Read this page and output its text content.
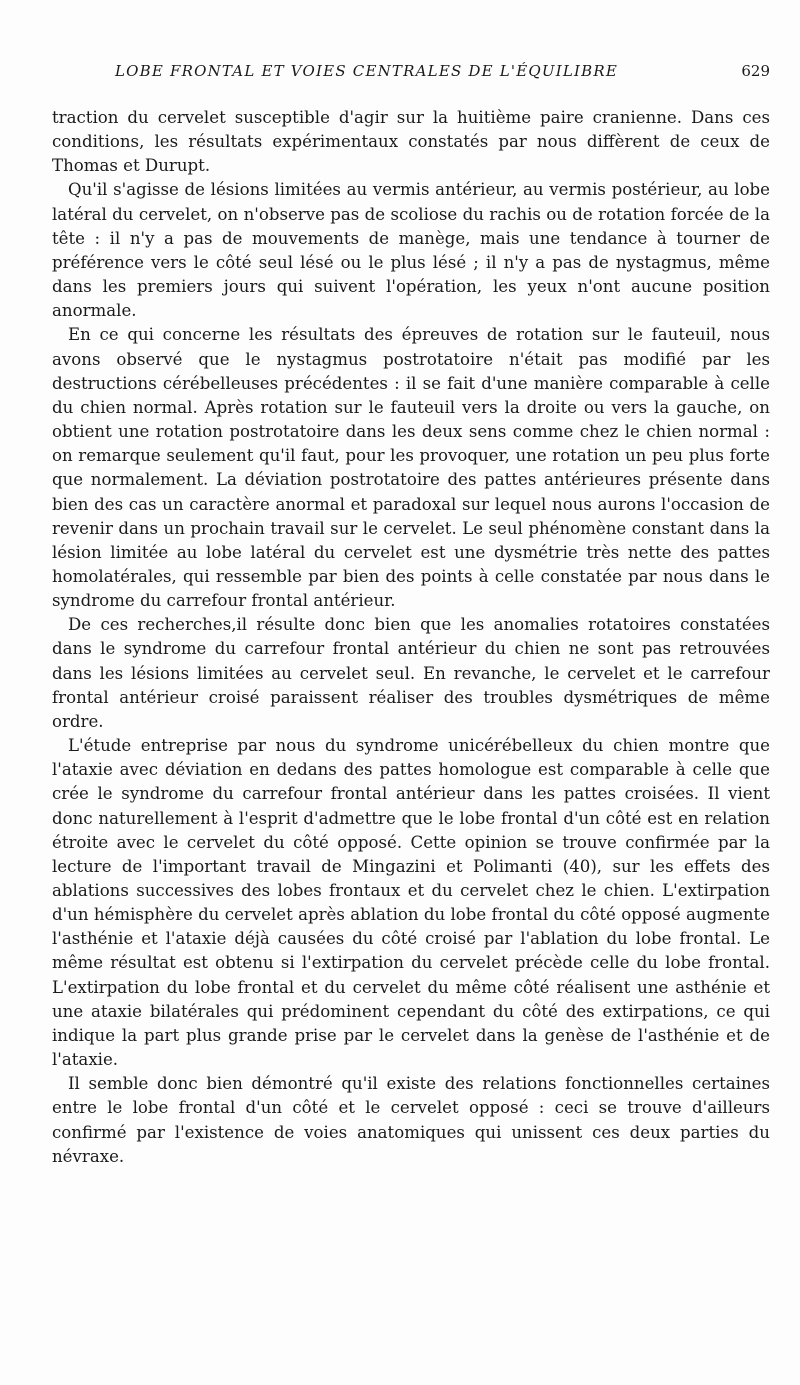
LOBE FRONTAL ET VOIES CENTRALES DE L'ÉQUILIBRE	629

traction du cervelet susceptible d'agir sur la huitième paire cranienne. Dans ces conditions, les résultats expérimentaux constatés par nous diffèrent de ceux de Thomas et Durupt.

Qu'il s'agisse de lésions limitées au vermis antérieur, au vermis postérieur, au lobe latéral du cervelet, on n'observe pas de scoliose du rachis ou de rotation forcée de la tête : il n'y a pas de mouvements de manège, mais une tendance à tourner de préférence vers le côté seul lésé ou le plus lésé ; il n'y a pas de nystagmus, même dans les premiers jours qui suivent l'opération, les yeux n'ont aucune position anormale.

En ce qui concerne les résultats des épreuves de rotation sur le fauteuil, nous avons observé que le nystagmus postrotatoire n'était pas modifié par les destructions cérébelleuses précédentes : il se fait d'une manière comparable à celle du chien normal. Après rotation sur le fauteuil vers la droite ou vers la gauche, on obtient une rotation postrotatoire dans les deux sens comme chez le chien normal : on remarque seulement qu'il faut, pour les provoquer, une rotation un peu plus forte que normalement. La déviation postrotatoire des pattes antérieures présente dans bien des cas un caractère anormal et paradoxal sur lequel nous aurons l'occasion de revenir dans un prochain travail sur le cervelet. Le seul phénomène constant dans la lésion limitée au lobe latéral du cervelet est une dysmétrie très nette des pattes homolatérales, qui ressemble par bien des points à celle constatée par nous dans le syndrome du carrefour frontal antérieur.

De ces recherches,il résulte donc bien que les anomalies rotatoires constatées dans le syndrome du carrefour frontal antérieur du chien ne sont pas retrouvées dans les lésions limitées au cervelet seul. En revanche, le cervelet et le carrefour frontal antérieur croisé paraissent réaliser des troubles dysmétriques de même ordre.

L'étude entreprise par nous du syndrome unicérébelleux du chien montre que l'ataxie avec déviation en dedans des pattes homologue est comparable à celle que crée le syndrome du carrefour frontal antérieur dans les pattes croisées. Il vient donc naturellement à l'esprit d'admettre que le lobe frontal d'un côté est en relation étroite avec le cervelet du côté opposé. Cette opinion se trouve confirmée par la lecture de l'important travail de Mingazini et Polimanti (40), sur les effets des ablations successives des lobes frontaux et du cervelet chez le chien. L'extirpation d'un hémisphère du cervelet après ablation du lobe frontal du côté opposé augmente l'asthénie et l'ataxie déjà causées du côté croisé par l'ablation du lobe frontal. Le même résultat est obtenu si l'extirpation du cervelet précède celle du lobe frontal. L'extirpation du lobe frontal et du cervelet du même côté réalisent une asthénie et une ataxie bilatérales qui prédominent cependant du côté des extirpations, ce qui indique la part plus grande prise par le cervelet dans la genèse de l'asthénie et de l'ataxie.

Il semble donc bien démontré qu'il existe des relations fonctionnelles certaines entre le lobe frontal d'un côté et le cervelet opposé : ceci se trouve d'ailleurs confirmé par l'existence de voies anatomiques qui unissent ces deux parties du névraxe.
